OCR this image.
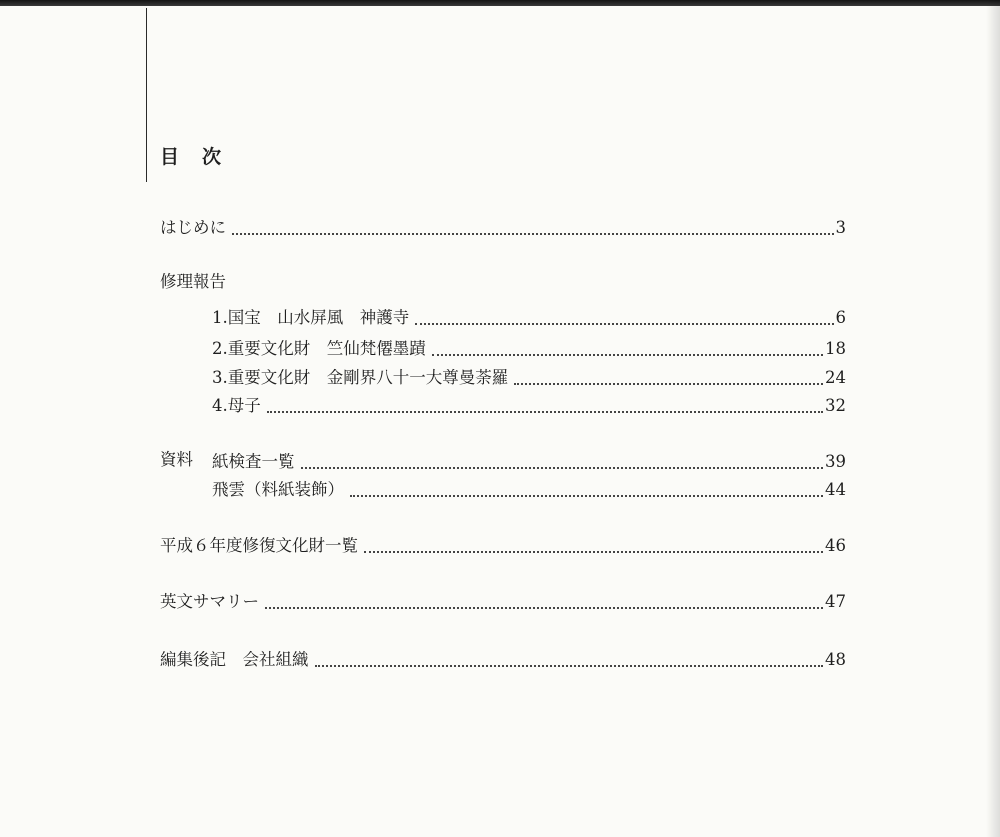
目　次
はじめに	3
修理報告
1.国宝　山水屏風　神護寺	6
2.重要文化財　竺仙梵僊墨蹟	18
3.重要文化財　金剛界八十一大尊曼荼羅	24
4.母子	32
資料 紙検査一覧	39
飛雲（料紙装飾）	44
平成６年度修復文化財一覧	46
英文サマリー	47
編集後記　会社組織	48
